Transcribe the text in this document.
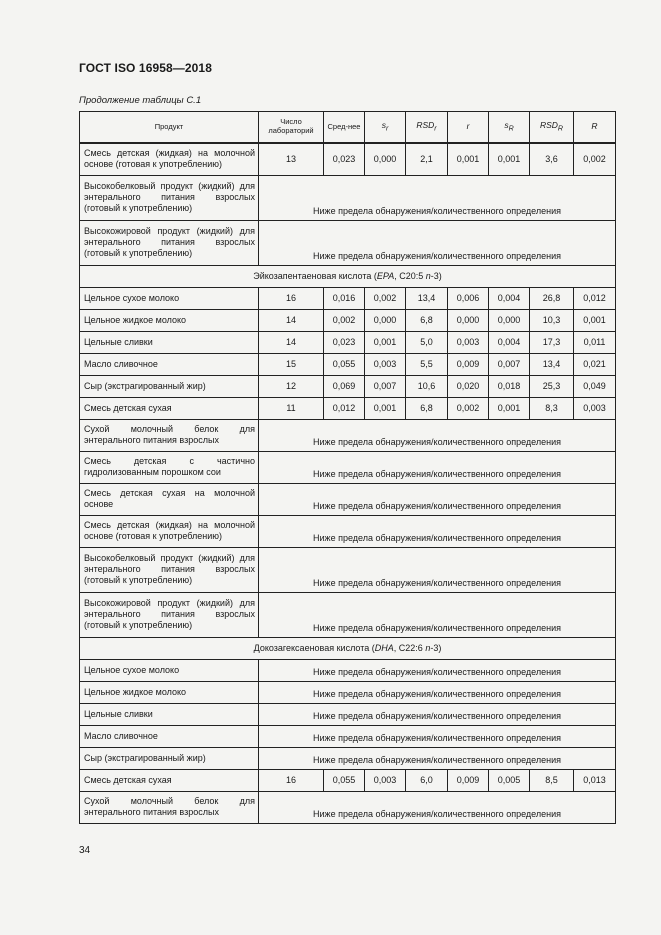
ГОСТ ISO 16958—2018
Продолжение таблицы С.1
Продукт	Число лабораторий	Сред-нее	$s_r$	$RSD_r$	r	$s_R$	$RSD_R$	R
Смесь детская (жидкая) на молочной основе (готовая к употреблению)	13	0,023	0,000	2,1	0,001	0,001	3,6	0,002
Высокобелковый продукт (жидкий) для энтерального питания взрослых (готовый к употреблению)	Ниже предела обнаружения/количественного определения							
Высокожировой продукт (жидкий) для энтерального питания взрослых (готовый к употреблению)	Ниже предела обнаружения/количественного определения							
Эйкозапентаеновая кислота (EPA, С20:5 n-3)								
Цельное сухое молоко	16	0,016	0,002	13,4	0,006	0,004	26,8	0,012
Цельное жидкое молоко	14	0,002	0,000	6,8	0,000	0,000	10,3	0,001
Цельные сливки	14	0,023	0,001	5,0	0,003	0,004	17,3	0,011
Масло сливочное	15	0,055	0,003	5,5	0,009	0,007	13,4	0,021
Сыр (экстрагированный жир)	12	0,069	0,007	10,6	0,020	0,018	25,3	0,049
Смесь детская сухая	11	0,012	0,001	6,8	0,002	0,001	8,3	0,003
Сухой молочный белок для энтерального питания взрослых	Ниже предела обнаружения/количественного определения							
Смесь детская с частично гидролизованным порошком сои	Ниже предела обнаружения/количественного определения							
Смесь детская сухая на молочной основе	Ниже предела обнаружения/количественного определения							
Смесь детская (жидкая) на молочной основе (готовая к употреблению)	Ниже предела обнаружения/количественного определения							
Высокобелковый продукт (жидкий) для энтерального питания взрослых (готовый к употреблению)	Ниже предела обнаружения/количественного определения							
Высокожировой продукт (жидкий) для энтерального питания взрослых (готовый к употреблению)	Ниже предела обнаружения/количественного определения							
Докозагексаеновая кислота (DHA, С22:6 n-3)								
Цельное сухое молоко	Ниже предела обнаружения/количественного определения							
Цельное жидкое молоко	Ниже предела обнаружения/количественного определения							
Цельные сливки	Ниже предела обнаружения/количественного определения							
Масло сливочное	Ниже предела обнаружения/количественного определения							
Сыр (экстрагированный жир)	Ниже предела обнаружения/количественного определения							
Смесь детская сухая	16	0,055	0,003	6,0	0,009	0,005	8,5	0,013
Сухой молочный белок для энтерального питания взрослых	Ниже предела обнаружения/количественного определения							
34
